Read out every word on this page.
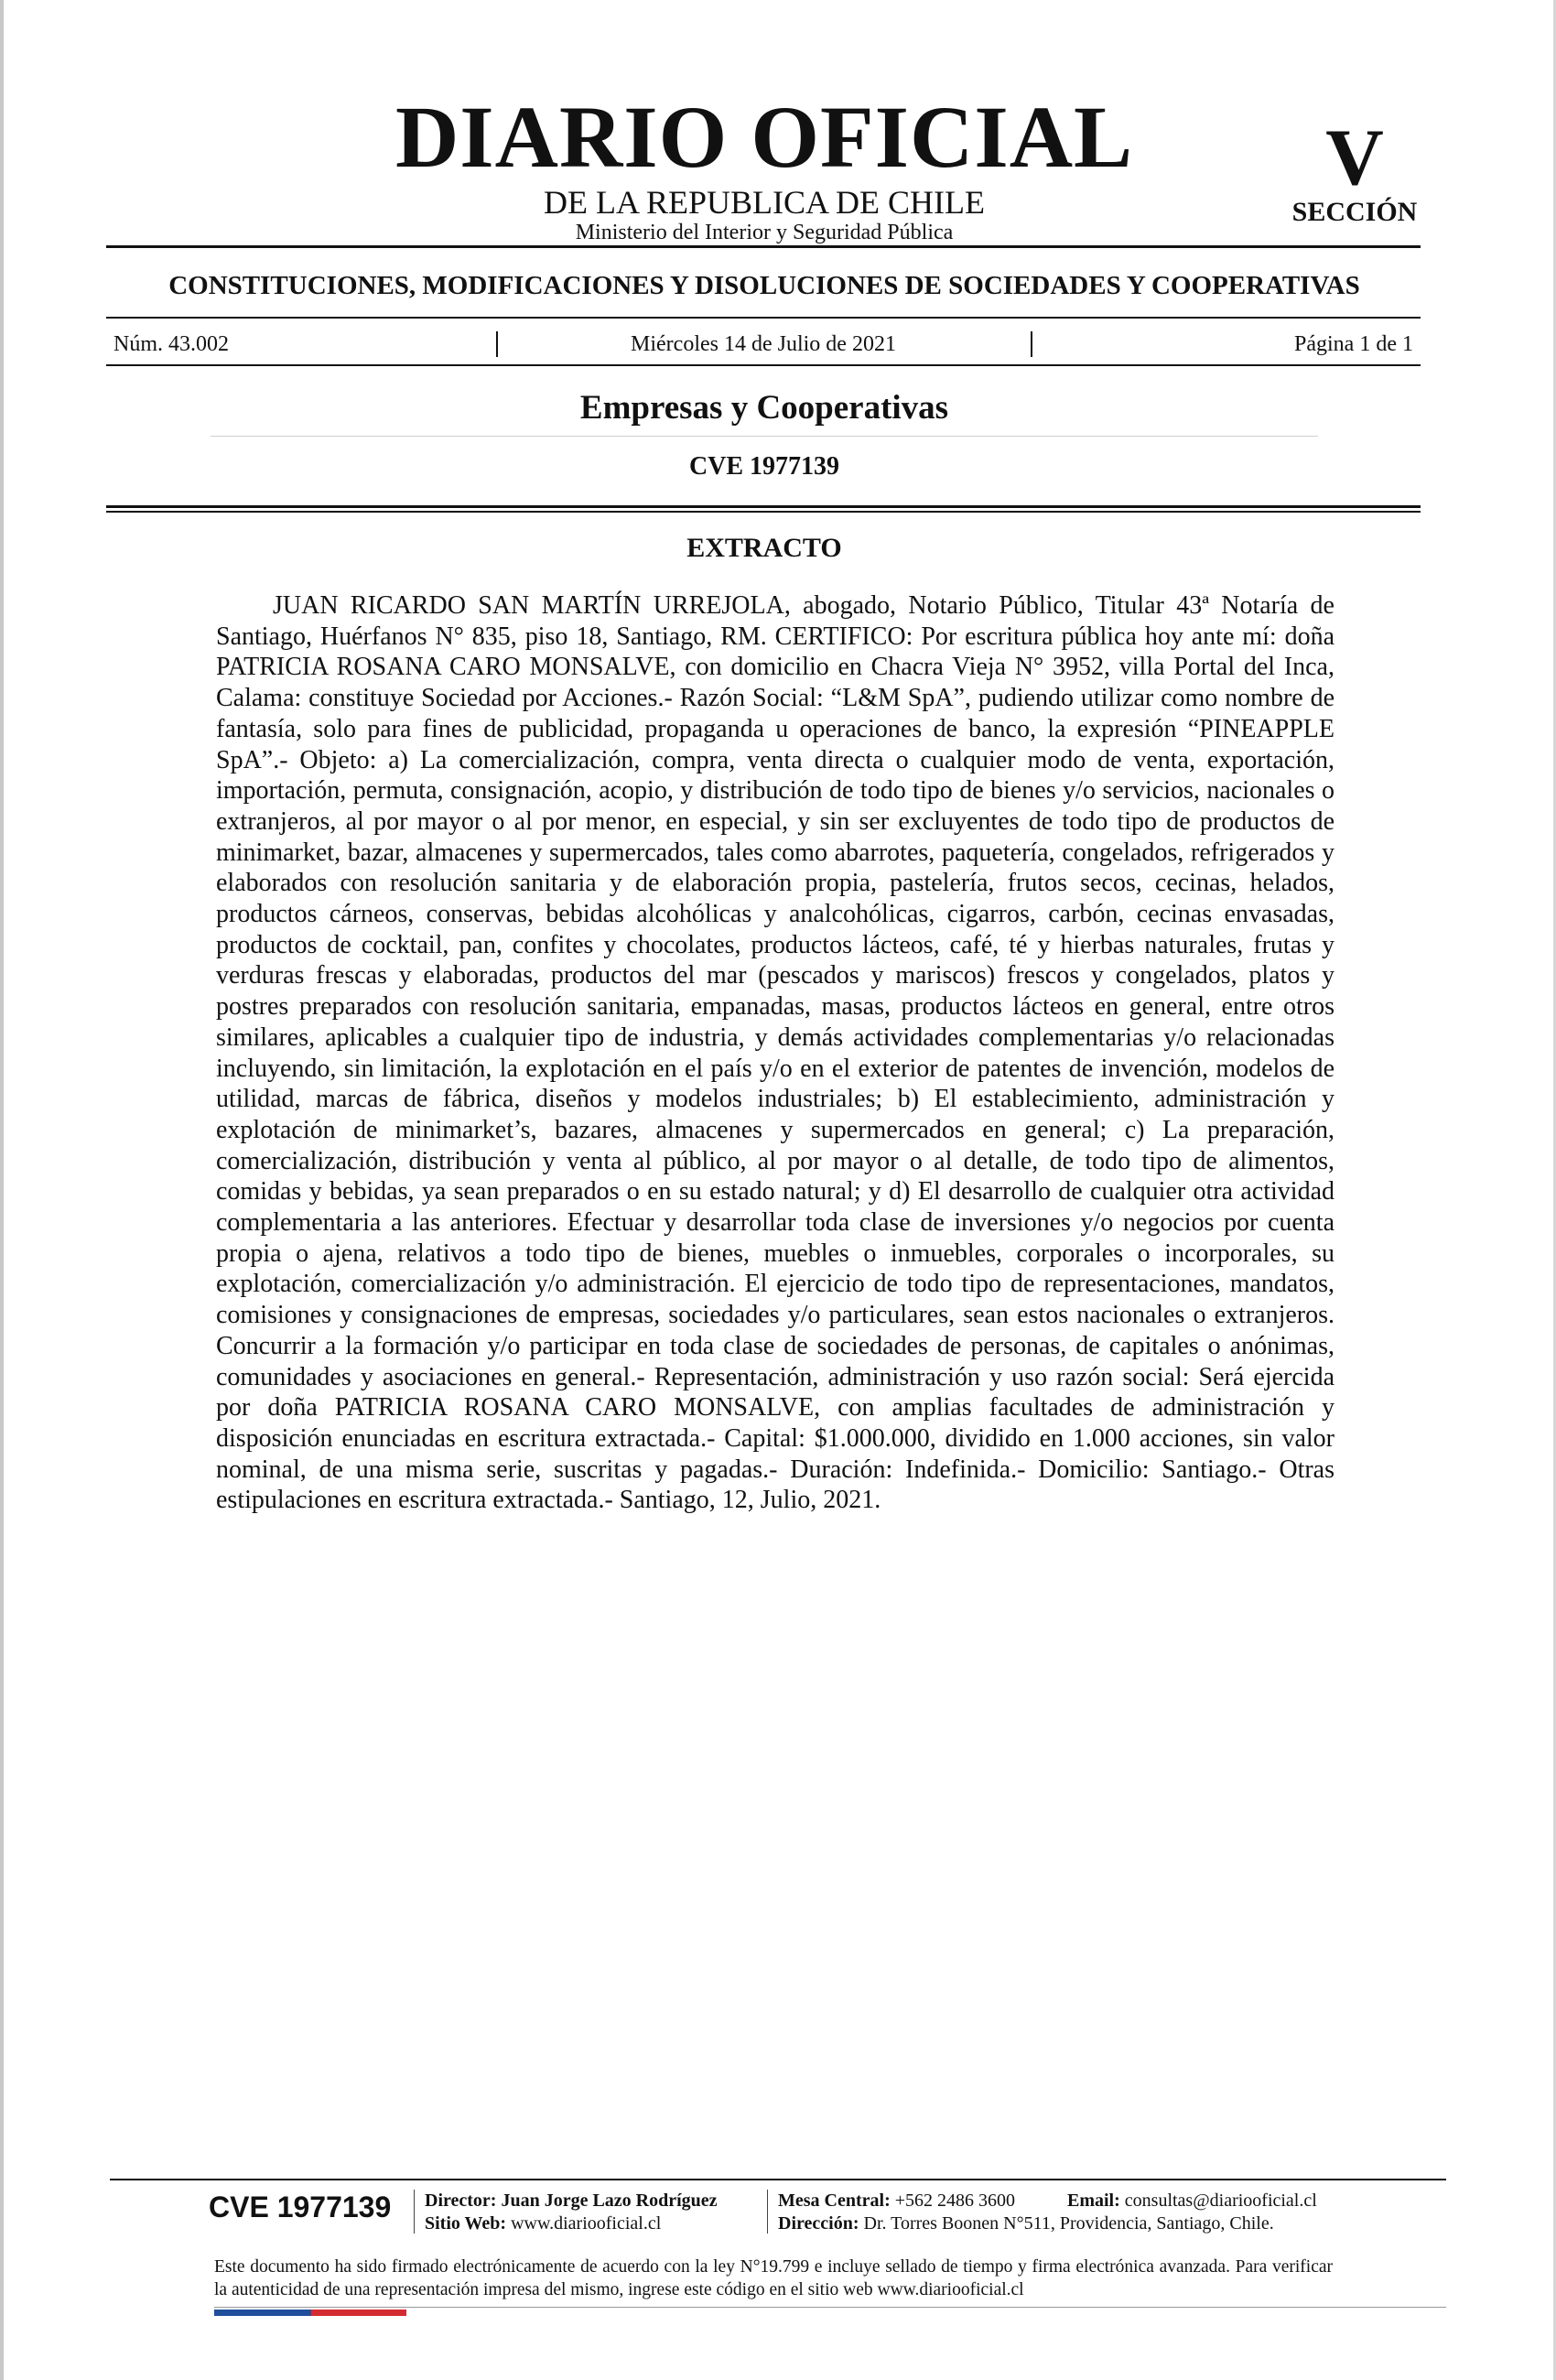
DIARIO OFICIAL
DE LA REPUBLICA DE CHILE
Ministerio del Interior y Seguridad Pública
V
SECCIÓN
CONSTITUCIONES, MODIFICACIONES Y DISOLUCIONES DE SOCIEDADES Y COOPERATIVAS
Núm. 43.002	Miércoles 14 de Julio de 2021	Página 1 de 1
Empresas y Cooperativas
CVE 1977139
EXTRACTO
JUAN RICARDO SAN MARTÍN URREJOLA, abogado, Notario Público, Titular 43ª Notaría de Santiago, Huérfanos N° 835, piso 18, Santiago, RM. CERTIFICO: Por escritura pública hoy ante mí: doña PATRICIA ROSANA CARO MONSALVE, con domicilio en Chacra Vieja N° 3952, villa Portal del Inca, Calama: constituye Sociedad por Acciones.- Razón Social: “L&M SpA”, pudiendo utilizar como nombre de fantasía, solo para fines de publicidad, propaganda u operaciones de banco, la expresión “PINEAPPLE SpA”.- Objeto: a) La comercialización, compra, venta directa o cualquier modo de venta, exportación, importación, permuta, consignación, acopio, y distribución de todo tipo de bienes y/o servicios, nacionales o extranjeros, al por mayor o al por menor, en especial, y sin ser excluyentes de todo tipo de productos de minimarket, bazar, almacenes y supermercados, tales como abarrotes, paquetería, congelados, refrigerados y elaborados con resolución sanitaria y de elaboración propia, pastelería, frutos secos, cecinas, helados, productos cárneos, conservas, bebidas alcohólicas y analcohólicas, cigarros, carbón, cecinas envasadas, productos de cocktail, pan, confites y chocolates, productos lácteos, café, té y hierbas naturales, frutas y verduras frescas y elaboradas, productos del mar (pescados y mariscos) frescos y congelados, platos y postres preparados con resolución sanitaria, empanadas, masas, productos lácteos en general, entre otros similares, aplicables a cualquier tipo de industria, y demás actividades complementarias y/o relacionadas incluyendo, sin limitación, la explotación en el país y/o en el exterior de patentes de invención, modelos de utilidad, marcas de fábrica, diseños y modelos industriales; b) El establecimiento, administración y explotación de minimarket’s, bazares, almacenes y supermercados en general; c) La preparación, comercialización, distribución y venta al público, al por mayor o al detalle, de todo tipo de alimentos, comidas y bebidas, ya sean preparados o en su estado natural; y d) El desarrollo de cualquier otra actividad complementaria a las anteriores. Efectuar y desarrollar toda clase de inversiones y/o negocios por cuenta propia o ajena, relativos a todo tipo de bienes, muebles o inmuebles, corporales o incorporales, su explotación, comercialización y/o administración. El ejercicio de todo tipo de representaciones, mandatos, comisiones y consignaciones de empresas, sociedades y/o particulares, sean estos nacionales o extranjeros. Concurrir a la formación y/o participar en toda clase de sociedades de personas, de capitales o anónimas, comunidades y asociaciones en general.- Representación, administración y uso razón social: Será ejercida por doña PATRICIA ROSANA CARO MONSALVE, con amplias facultades de administración y disposición enunciadas en escritura extractada.- Capital: $1.000.000, dividido en 1.000 acciones, sin valor nominal, de una misma serie, suscritas y pagadas.- Duración: Indefinida.- Domicilio: Santiago.- Otras estipulaciones en escritura extractada.- Santiago, 12, Julio, 2021.
CVE 1977139	Director: Juan Jorge Lazo Rodríguez
Sitio Web: www.diariooficial.cl
Mesa Central: +562 2486 3600	Email: consultas@diariooficial.cl
Dirección: Dr. Torres Boonen N°511, Providencia, Santiago, Chile.
Este documento ha sido firmado electrónicamente de acuerdo con la ley N°19.799 e incluye sellado de tiempo y firma electrónica avanzada. Para verificar la autenticidad de una representación impresa del mismo, ingrese este código en el sitio web www.diariooficial.cl
